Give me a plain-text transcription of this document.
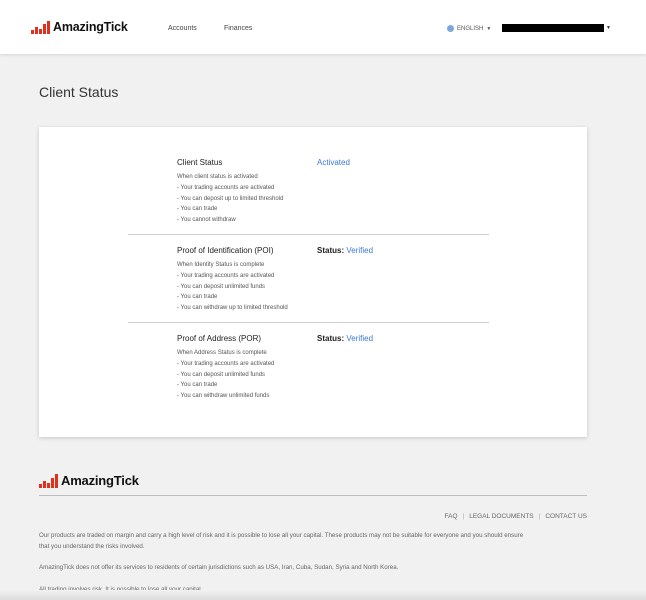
AmazingTick	Accounts	Finances	ENGLISH ▼	▼
Client Status
Client Status	Activated
When client status is activated
- Your trading accounts are activated
- You can deposit up to limited threshold
- You can trade
- You cannot withdraw
Proof of Identification (POI)	Status: Verified
When Identity Status is complete
- Your trading accounts are activated
- You can deposit unlimited funds
- You can trade
- You can withdraw up to limited threshold
Proof of Address (POR)	Status: Verified
When Address Status is complete
- Your trading accounts are activated
- You can deposit unlimited funds
- You can trade
- You can withdraw unlimited funds
AmazingTick
FAQ | LEGAL DOCUMENTS | CONTACT US
Our products are traded on margin and carry a high level of risk and it is possible to lose all your capital. These products may not be suitable for everyone and you should ensure
that you understand the risks involved.
AmazingTick does not offer its services to residents of certain jurisdictions such as USA, Iran, Cuba, Sudan, Syria and North Korea.
